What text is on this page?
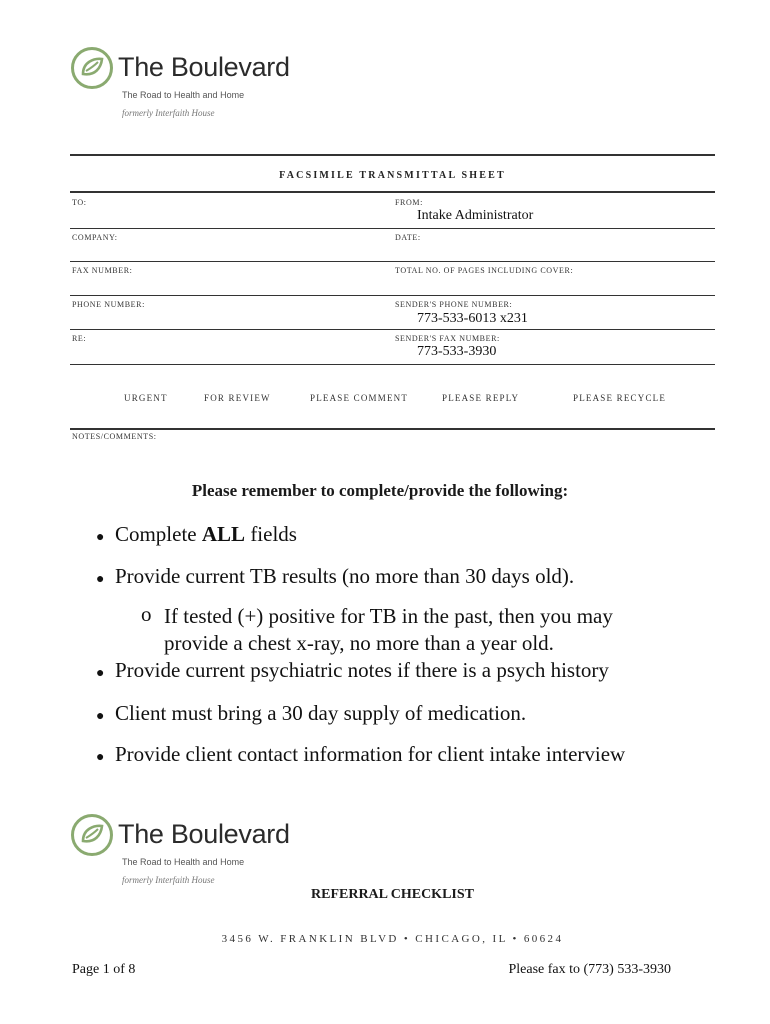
The Boulevard
The Road to Health and Home
formerly Interfaith House
FACSIMILE TRANSMITTAL SHEET
TO:	FROM:
Intake Administrator
COMPANY:	DATE:
FAX NUMBER:	TOTAL NO. OF PAGES INCLUDING COVER:
PHONE NUMBER:	SENDER'S PHONE NUMBER:
773-533-6013 x231
RE:	SENDER'S FAX NUMBER:
773-533-3930
URGENT	FOR REVIEW	PLEASE COMMENT	PLEASE REPLY	PLEASE RECYCLE
NOTES/COMMENTS:
Please remember to complete/provide the following:
● Complete ALL fields
● Provide current TB results (no more than 30 days old).
o If tested (+) positive for TB in the past, then you may
provide a chest x-ray, no more than a year old.
● Provide current psychiatric notes if there is a psych history
● Client must bring a 30 day supply of medication.
● Provide client contact information for client intake interview
The Boulevard
The Road to Health and Home
formerly Interfaith House
REFERRAL CHECKLIST
3456 W. FRANKLIN BLVD • CHICAGO, IL • 60624
Page 1 of 8	Please fax to (773) 533-3930
